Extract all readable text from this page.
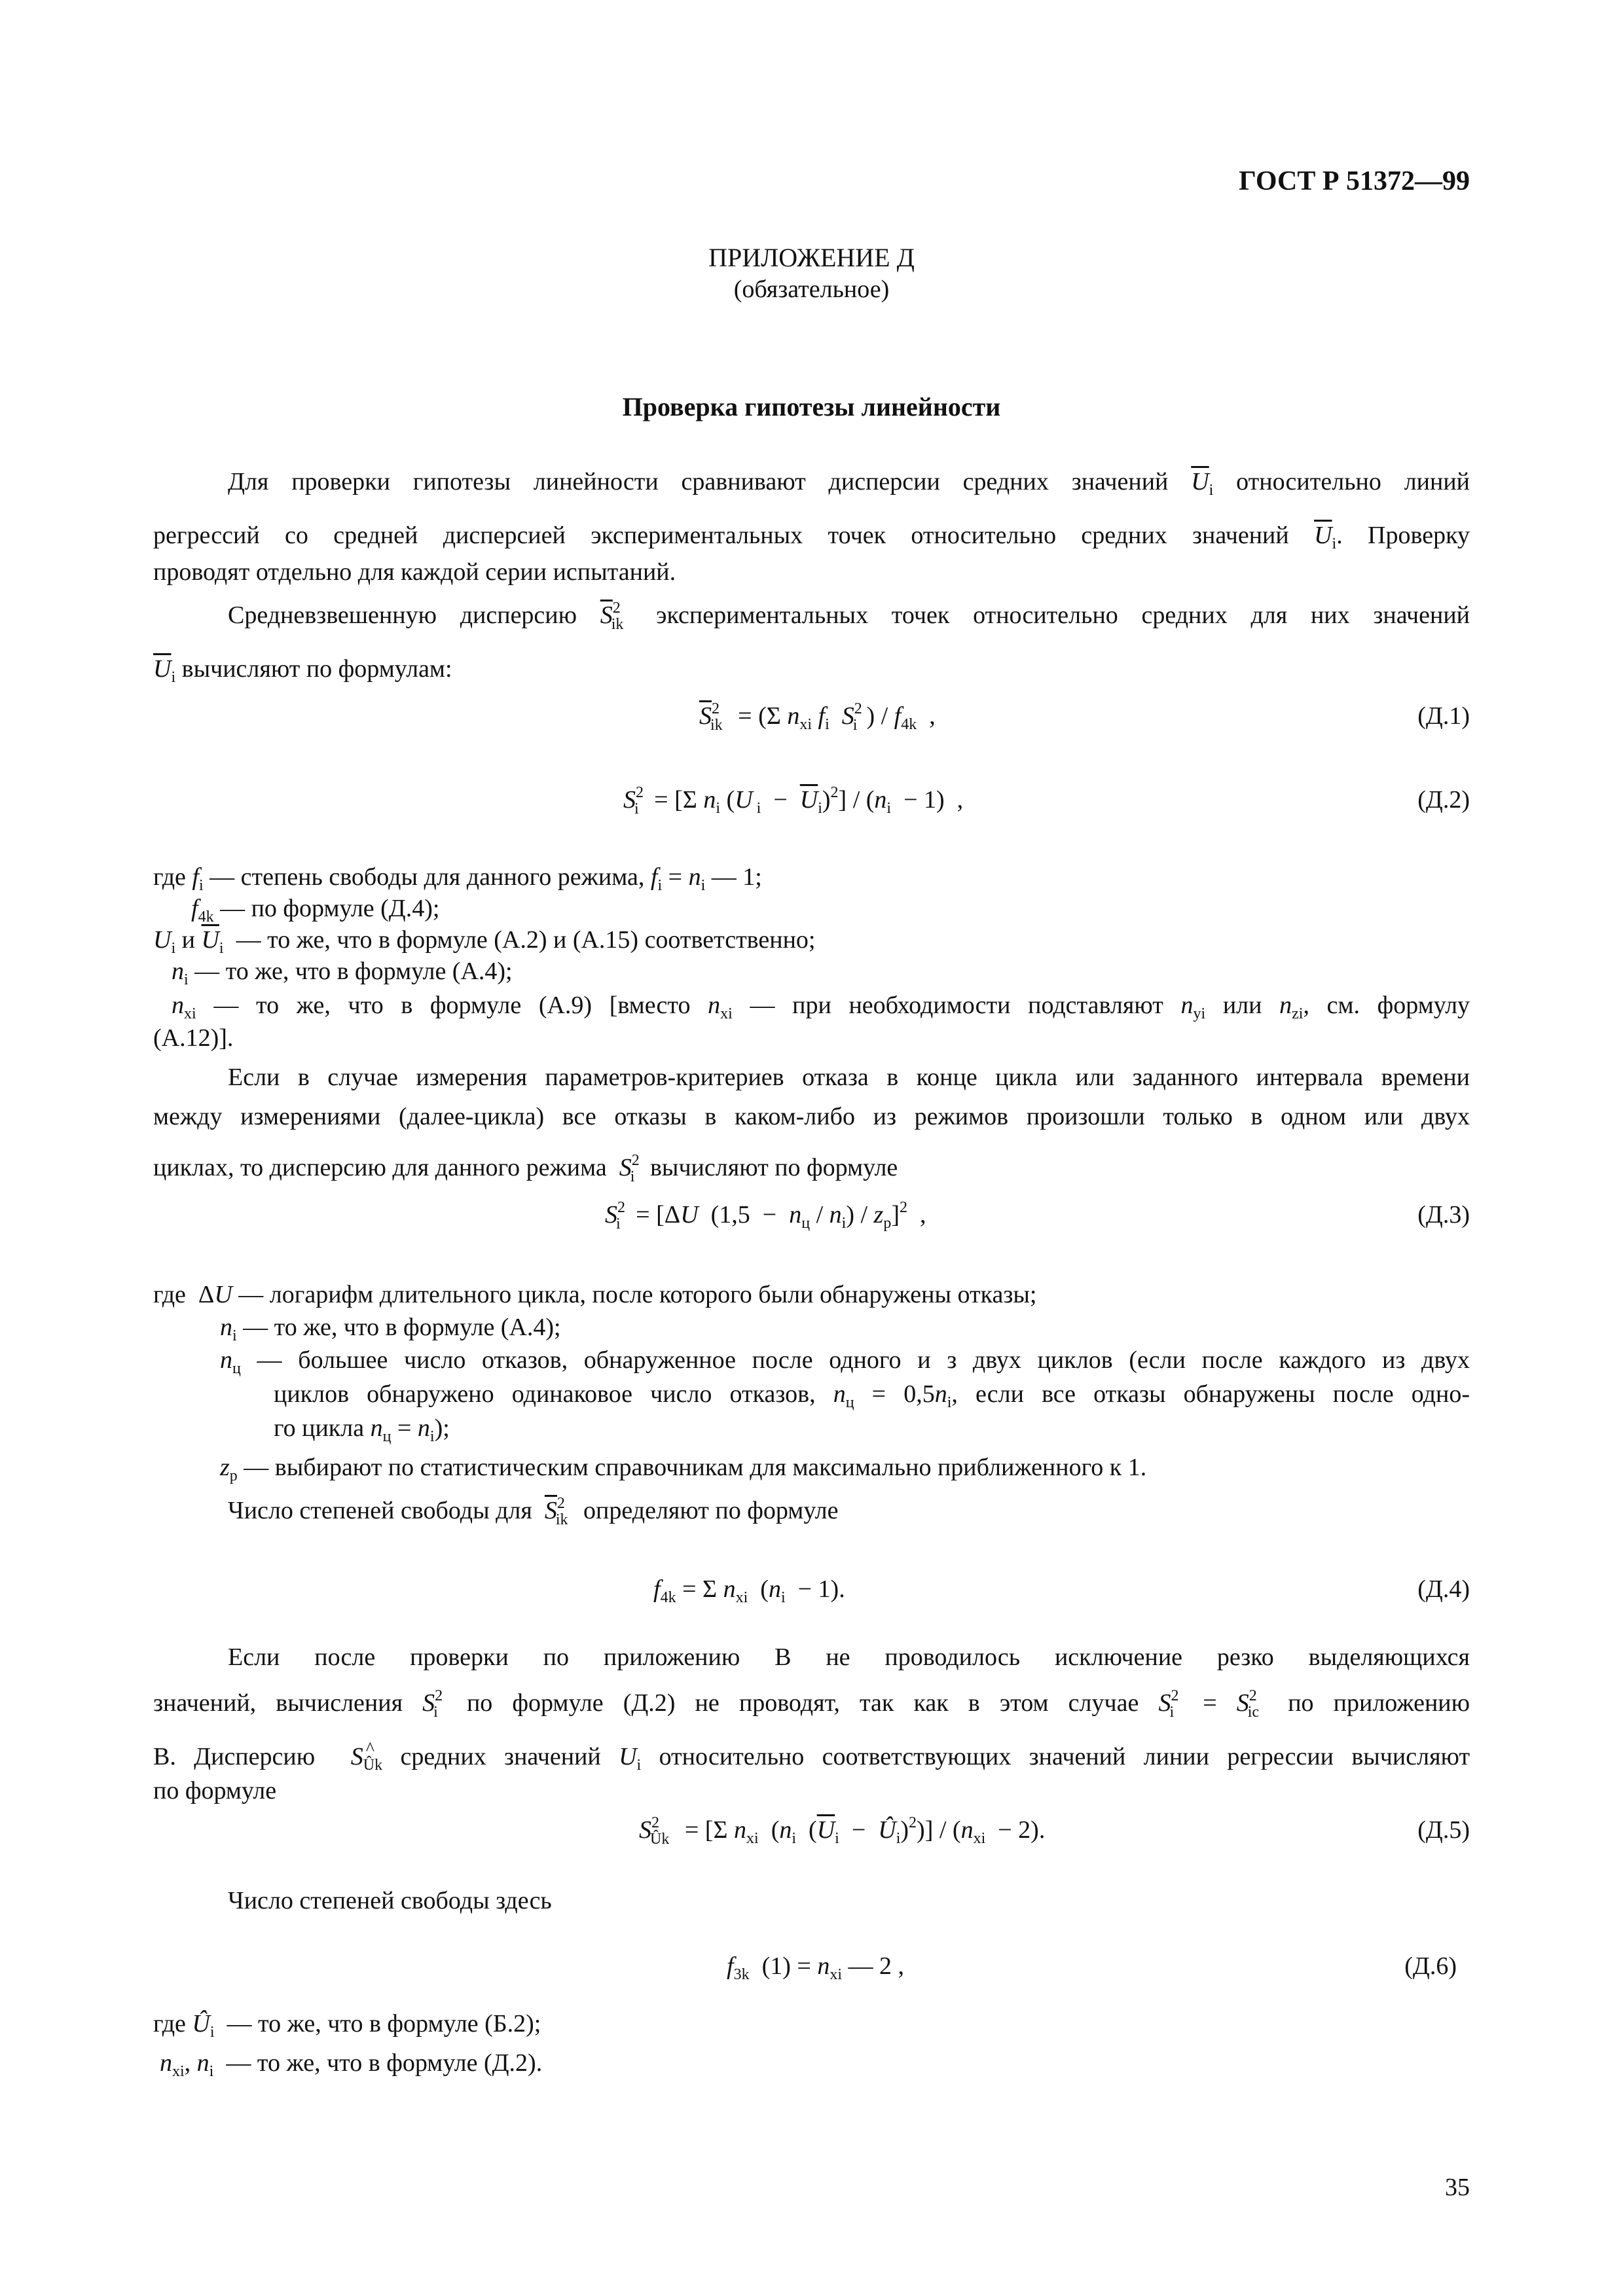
ГОСТ Р 51372—99
ПРИЛОЖЕНИЕ Д
(обязательное)
Проверка гипотезы линейности
Для проверки гипотезы линейности сравнивают дисперсии средних значений $\overline{U}_i$ относительно линий
регрессий со средней дисперсией экспериментальных точек относительно средних значений $\overline{U}_i$. Проверку
проводят отдельно для каждой серии испытаний.
Средневзвешенную дисперсию $\overline{S}^2_{ik}$ экспериментальных точек относительно средних для них значений
$\overline{U}_i$ вычисляют по формулам:
$\overline{S}^2_{ik} = (\Sigma$ $n_{xi}$ $f_i$ $S^2_i$ ) / $f_{4k}$  ,	(Д.1)
$S^2_i = [\Sigma$ $n_i$ (U $_i - \overline{U}_i)^2] / (n_i - 1)$  ,	(Д.2)
где $f_i$ — степень свободы для данного режима, $f_i = n_i$ — 1;
$f_{4k}$ — по формуле (Д.4);
$U_i$ и $\overline{U}_i$ — то же, что в формуле (А.2) и (А.15) соответственно;
$n_i$ — то же, что в формуле (А.4);
$n_{xi}$ — то же, что в формуле (А.9) [вместо $n_{xi}$ — при необходимости подставляют $n_{yi}$ или $n_{zi}$, см. формулу
(А.12)].
Если в случае измерения параметров-критериев отказа в конце цикла или заданного интервала времени
между измерениями (далее-цикла) все отказы в каком-либо из режимов произошли только в одном или двух
циклах, то дисперсию для данного режима $S^2_i$ вычисляют по формуле
$S^2_i = [\Delta U$  $(1,5 - n_ц / n_i) / z_p]^2$  ,	(Д.3)
где  ΔU — логарифм длительного цикла, после которого были обнаружены отказы;
$n_i$ — то же, что в формуле (А.4);
$n_ц$ — большее число отказов, обнаруженное после одного и з двух циклов (если после каждого из двух
циклов обнаружено одинаковое число отказов, $n_ц = 0,5n_i$, если все отказы обнаружены после одно-
го цикла $n_ц = n_i$);
$z_p$ — выбирают по статистическим справочникам для максимально приближенного к 1.
Число степеней свободы для $\overline{S}^2_{ik}$ определяют по формуле
$f_{4k} = \Sigma$ $n_{xi}$  $(n_i - 1)$.	(Д.4)
Если после проверки по приложению В не проводилось исключение резко выделяющихся
значений, вычисления $S^2_i$ по формуле (Д.2) не проводят, так как в этом случае $S^2_i = S^2_{ic}$ по приложению
В. Дисперсию $S_{Ûk}$ средних значений $U_i$ относительно соответствующих значений линии регрессии вычисляют
по формуле
$S^2_{Ûk} = [\Sigma$ $n_{xi}$  ($n_i$  ($\overline{U}_i$  −  $Û_i)^2)] / (n_{xi} - 2)$.	(Д.5)
Число степеней свободы здесь
$f_{3k}$  $(1) = n_{xi}$ — 2 ,	(Д.6)
где $Û_i$ — то же, что в формуле (Б.2);
$n_{xi}$, $n_i$ — то же, что в формуле (Д.2).
35
